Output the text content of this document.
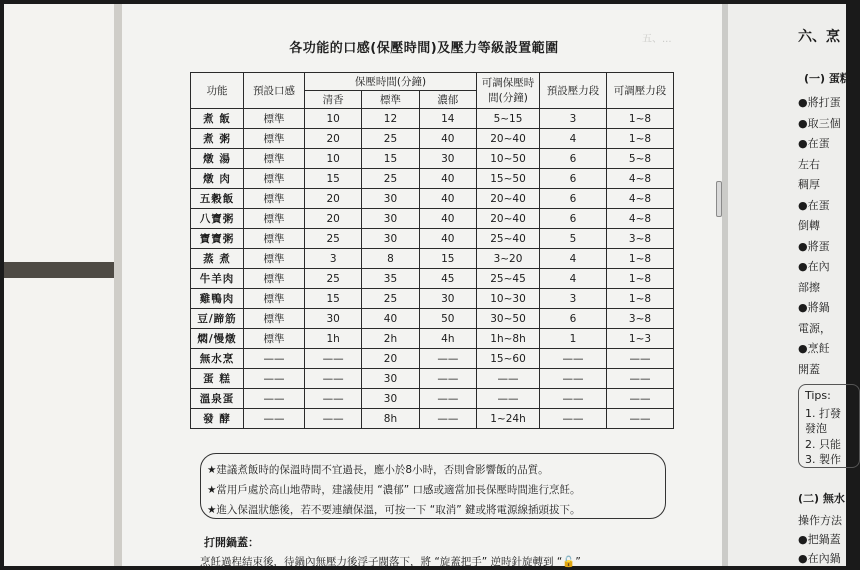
五、...
各功能的口感(保壓時間)及壓力等級設置範圍
功能	預設口感	保壓時間(分鐘)			可調保壓時間(分鐘)	預設壓力段	可調壓力段
		清香	標準	濃郁			
煮 飯	標準	10	12	14	5~15	3	1~8
煮 粥	標準	20	25	40	20~40	4	1~8
燉 湯	標準	10	15	30	10~50	6	5~8
燉 肉	標準	15	25	40	15~50	6	4~8
五穀飯	標準	20	30	40	20~40	6	4~8
八寶粥	標準	20	30	40	20~40	6	4~8
寶寶粥	標準	25	30	40	25~40	5	3~8
蒸 煮	標準	3	8	15	3~20	4	1~8
牛羊肉	標準	25	35	45	25~45	4	1~8
雞鴨肉	標準	15	25	30	10~30	3	1~8
豆/蹄筋	標準	30	40	50	30~50	6	3~8
燜/慢燉	標準	1h	2h	4h	1h~8h	1	1~3
無水烹	——	——	20	——	15~60	——	——
蛋 糕	——	——	30	——	——	——	——
溫泉蛋	——	——	30	——	——	——	——
發 酵	——	——	8h	——	1~24h	——	——
★建議煮飯時的保溫時間不宜過長，應小於8小時，否則會影響飯的品質。
★當用戶處於高山地帶時，建議使用 “濃郁” 口感或適當加長保壓時間進行烹飪。
★進入保溫狀態後，若不要連續保溫，可按一下 “取消” 鍵或將電源線插頭拔下。
打開鍋蓋：
烹飪過程結束後，待鍋內無壓力後浮子閥落下，將 “旋蓋把手” 逆時針旋轉到 “🔓”
六、烹
(一) 蛋糕
●將打蛋
●取三個
●在蛋
左右
稠厚
●在蛋
倒轉
●將蛋
●在內
部擦
●將鍋
電源，
●烹飪
開蓋
Tips:
1. 打發
發泡
2. 只能
3. 製作
(二) 無水
操作方法
●把鍋蓋
●在內鍋
